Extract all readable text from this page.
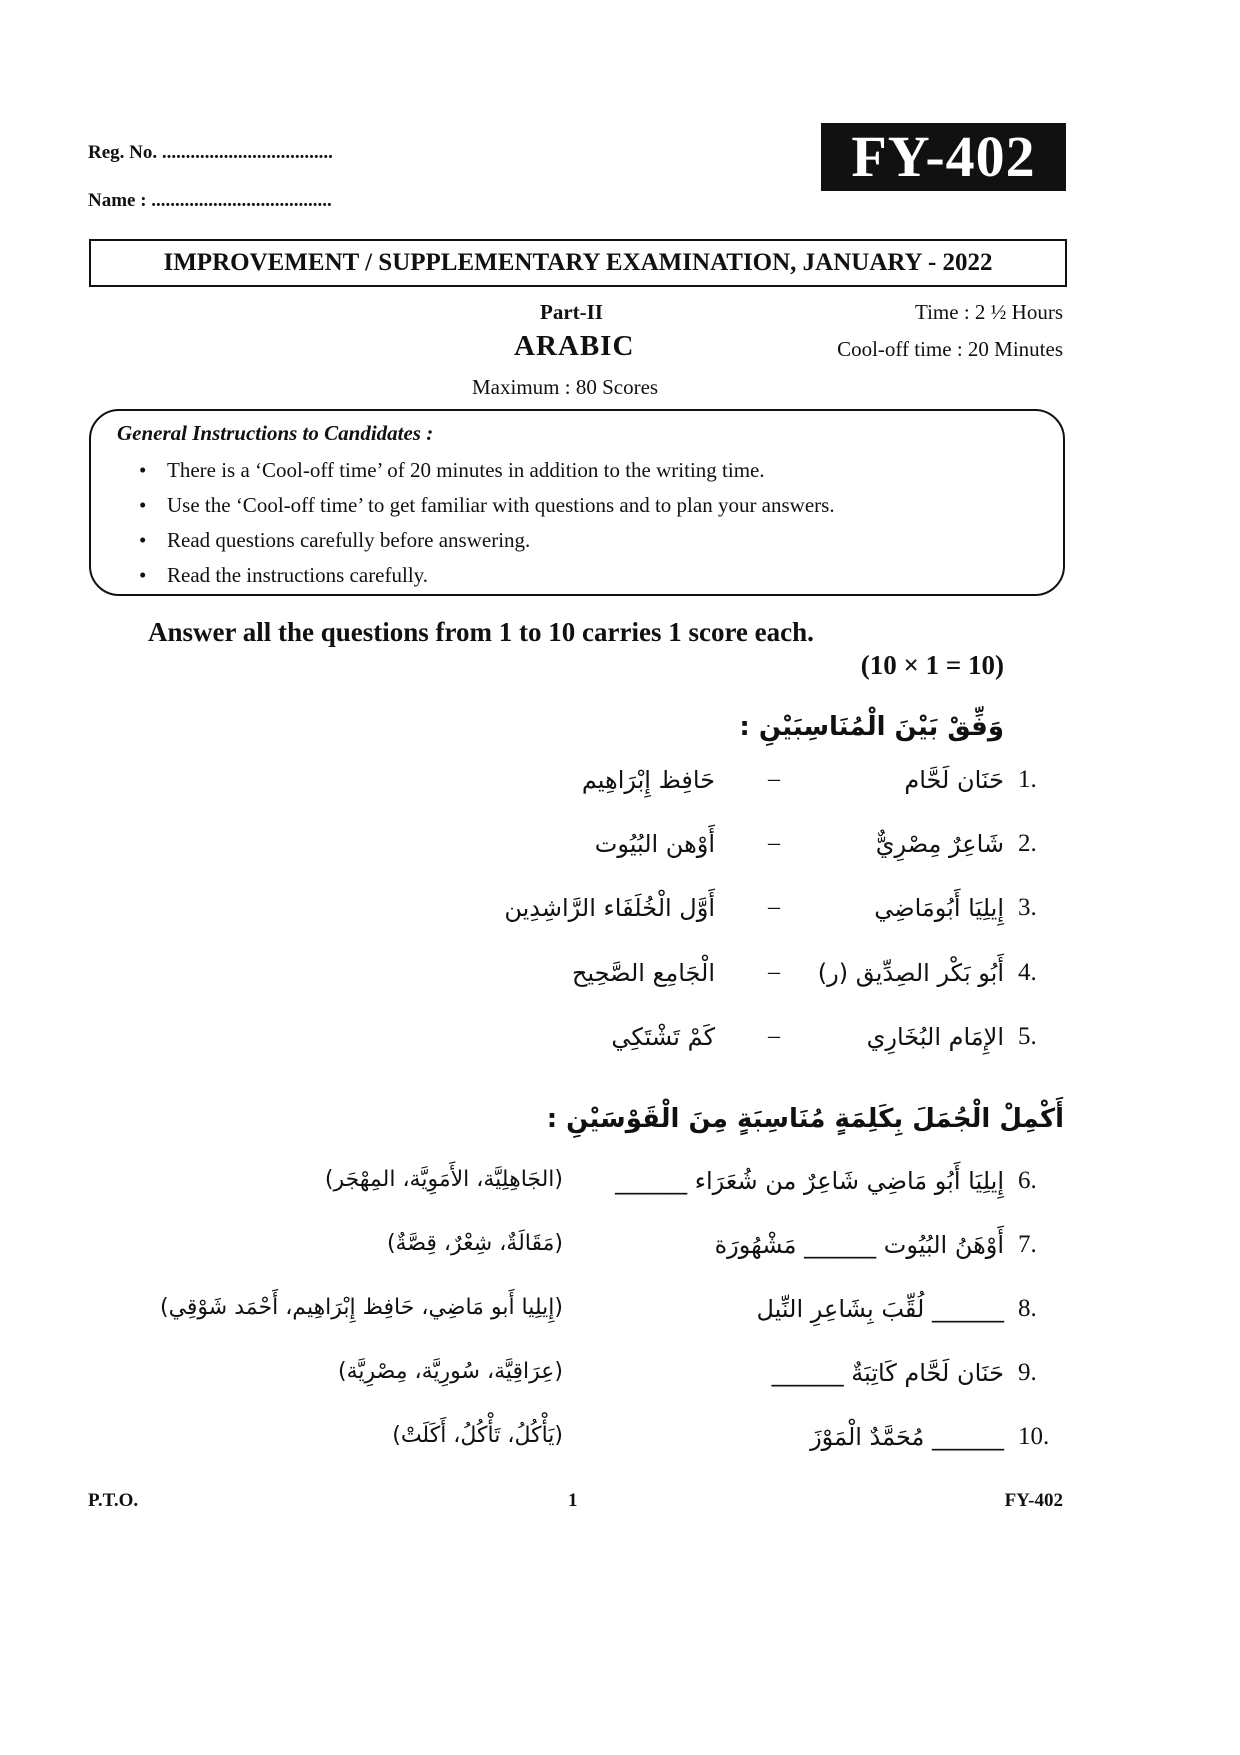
Reg. No. ....................................
Name : ......................................
FY-402
IMPROVEMENT / SUPPLEMENTARY EXAMINATION, JANUARY - 2022
Part-II
ARABIC
Maximum : 80 Scores
Time : 2 ½ Hours
Cool-off time : 20 Minutes
General Instructions to Candidates :
• There is a ‘Cool-off time’ of 20 minutes in addition to the writing time.
• Use the ‘Cool-off time’ to get familiar with questions and to plan your answers.
• Read questions carefully before answering.
• Read the instructions carefully.
Answer all the questions from 1 to 10 carries 1 score each.
(10 × 1 = 10)
وَفِّقْ بَيْنَ الْمُنَاسِبَيْنِ :
1.
حَنَان لَحَّام
–
حَافِظ إِبْرَاهِيم
2.
شَاعِرٌ مِصْرِيٌّ
–
أَوْهن البُيُوت
3.
إِيلِيَا أَبُومَاضِي
–
أَوَّل الْخُلَفَاء الرَّاشِدِين
4.
أَبُو بَكْر الصِدِّيق (ر)
–
الْجَامِع الصَّحِيح
5.
الإِمَام البُخَارِي
–
كَمْ تَشْتَكِي
أَكْمِلْ الْجُمَلَ بِكَلِمَةٍ مُنَاسِبَةٍ مِنَ الْقَوْسَيْنِ :
6.
إِيلِيَا أَبُو مَاضِي شَاعِرٌ من شُعَرَاء ______
(الجَاهِلِيَّة، الأَمَوِيَّة، المِهْجَر)
7.
أَوْهَنُ البُيُوت ______ مَشْهُورَة
(مَقَالَةٌ، شِعْرٌ، قِصَّةٌ)
8.
______ لُقِّبَ بِشَاعِرِ النِّيل
(إِيلِيا أَبو مَاضِي، حَافِظ إِبْرَاهِيم، أَحْمَد شَوْقِي)
9.
حَنَان لَحَّام كَاتِبَةٌ ______
(عِرَاقِيَّة، سُورِيَّة، مِصْرِيَّة)
10.
______ مُحَمَّدٌ الْمَوْزَ
(يَأْكُلُ، تَأْكُلُ، أَكَلَتْ)
P.T.O.	1	FY-402
